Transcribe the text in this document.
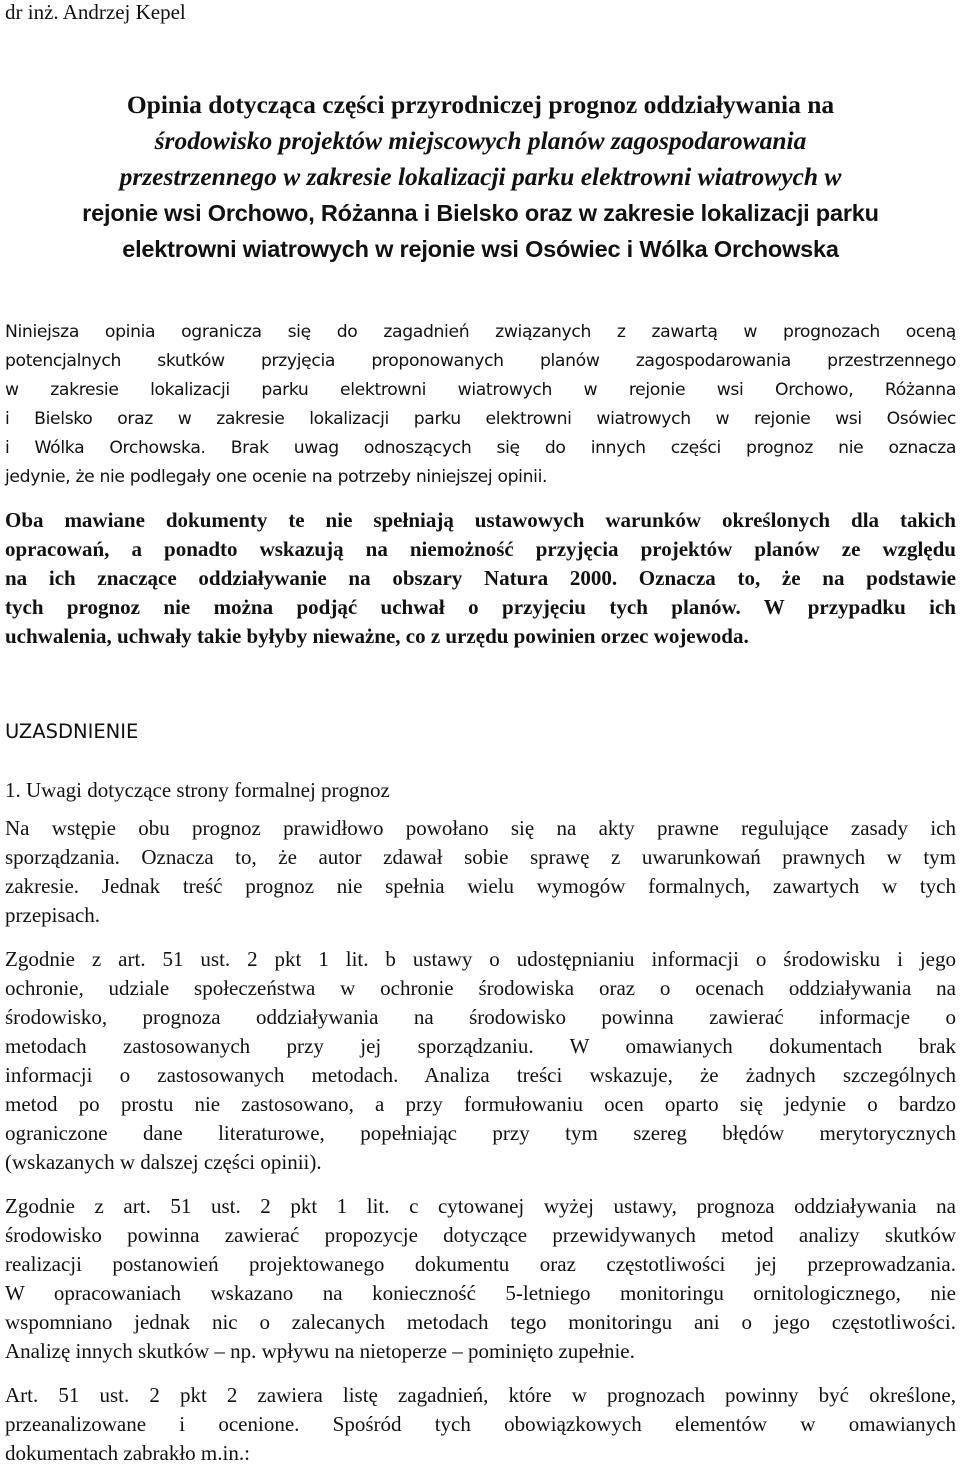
dr inż. Andrzej Kepel

Opinia dotycząca części przyrodniczej prognoz oddziaływania na
środowisko projektów miejscowych planów zagospodarowania
przestrzennego w zakresie lokalizacji parku elektrowni wiatrowych w
rejonie wsi Orchowo, Różanna i Bielsko oraz w zakresie lokalizacji parku
elektrowni wiatrowych w rejonie wsi Osówiec i Wólka Orchowska
Niniejsza opinia ogranicza się do zagadnień związanych z zawartą w prognozach oceną
potencjalnych skutków przyjęcia proponowanych planów zagospodarowania przestrzennego
w zakresie lokalizacji parku elektrowni wiatrowych w rejonie wsi Orchowo, Różanna
i Bielsko oraz w zakresie lokalizacji parku elektrowni wiatrowych w rejonie wsi Osówiec
i Wólka Orchowska. Brak uwag odnoszących się do innych części prognoz nie oznacza
jedynie, że nie podlegały one ocenie na potrzeby niniejszej opinii.
Oba mawiane dokumenty te nie spełniają ustawowych warunków określonych dla takich
opracowań, a ponadto wskazują na niemożność przyjęcia projektów planów ze względu
na ich znaczące oddziaływanie na obszary Natura 2000. Oznacza to, że na podstawie
tych prognoz nie można podjąć uchwał o przyjęciu tych planów. W przypadku ich
uchwalenia, uchwały takie byłyby nieważne, co z urzędu powinien orzec wojewoda.
UZASDNIENIE
1. Uwagi dotyczące strony formalnej prognoz
Na wstępie obu prognoz prawidłowo powołano się na akty prawne regulujące zasady ich
sporządzania. Oznacza to, że autor zdawał sobie sprawę z uwarunkowań prawnych w tym
zakresie. Jednak treść prognoz nie spełnia wielu wymogów formalnych, zawartych w tych
przepisach.
Zgodnie z art. 51 ust. 2 pkt 1 lit. b ustawy o udostępnianiu informacji o środowisku i jego
ochronie, udziale społeczeństwa w ochronie środowiska oraz o ocenach oddziaływania na
środowisko, prognoza oddziaływania na środowisko powinna zawierać informacje o
metodach zastosowanych przy jej sporządzaniu. W omawianych dokumentach brak
informacji o zastosowanych metodach. Analiza treści wskazuje, że żadnych szczególnych
metod po prostu nie zastosowano, a przy formułowaniu ocen oparto się jedynie o bardzo
ograniczone dane literaturowe, popełniając przy tym szereg błędów merytorycznych
(wskazanych w dalszej części opinii).
Zgodnie z art. 51 ust. 2 pkt 1 lit. c cytowanej wyżej ustawy, prognoza oddziaływania na
środowisko powinna zawierać propozycje dotyczące przewidywanych metod analizy skutków
realizacji postanowień projektowanego dokumentu oraz częstotliwości jej przeprowadzania.
W opracowaniach wskazano na konieczność 5-letniego monitoringu ornitologicznego, nie
wspomniano jednak nic o zalecanych metodach tego monitoringu ani o jego częstotliwości.
Analizę innych skutków – np. wpływu na nietoperze – pominięto zupełnie.
Art. 51 ust. 2 pkt 2 zawiera listę zagadnień, które w prognozach powinny być określone,
przeanalizowane i ocenione. Spośród tych obowiązkowych elementów w omawianych
dokumentach zabrakło m.in.:
